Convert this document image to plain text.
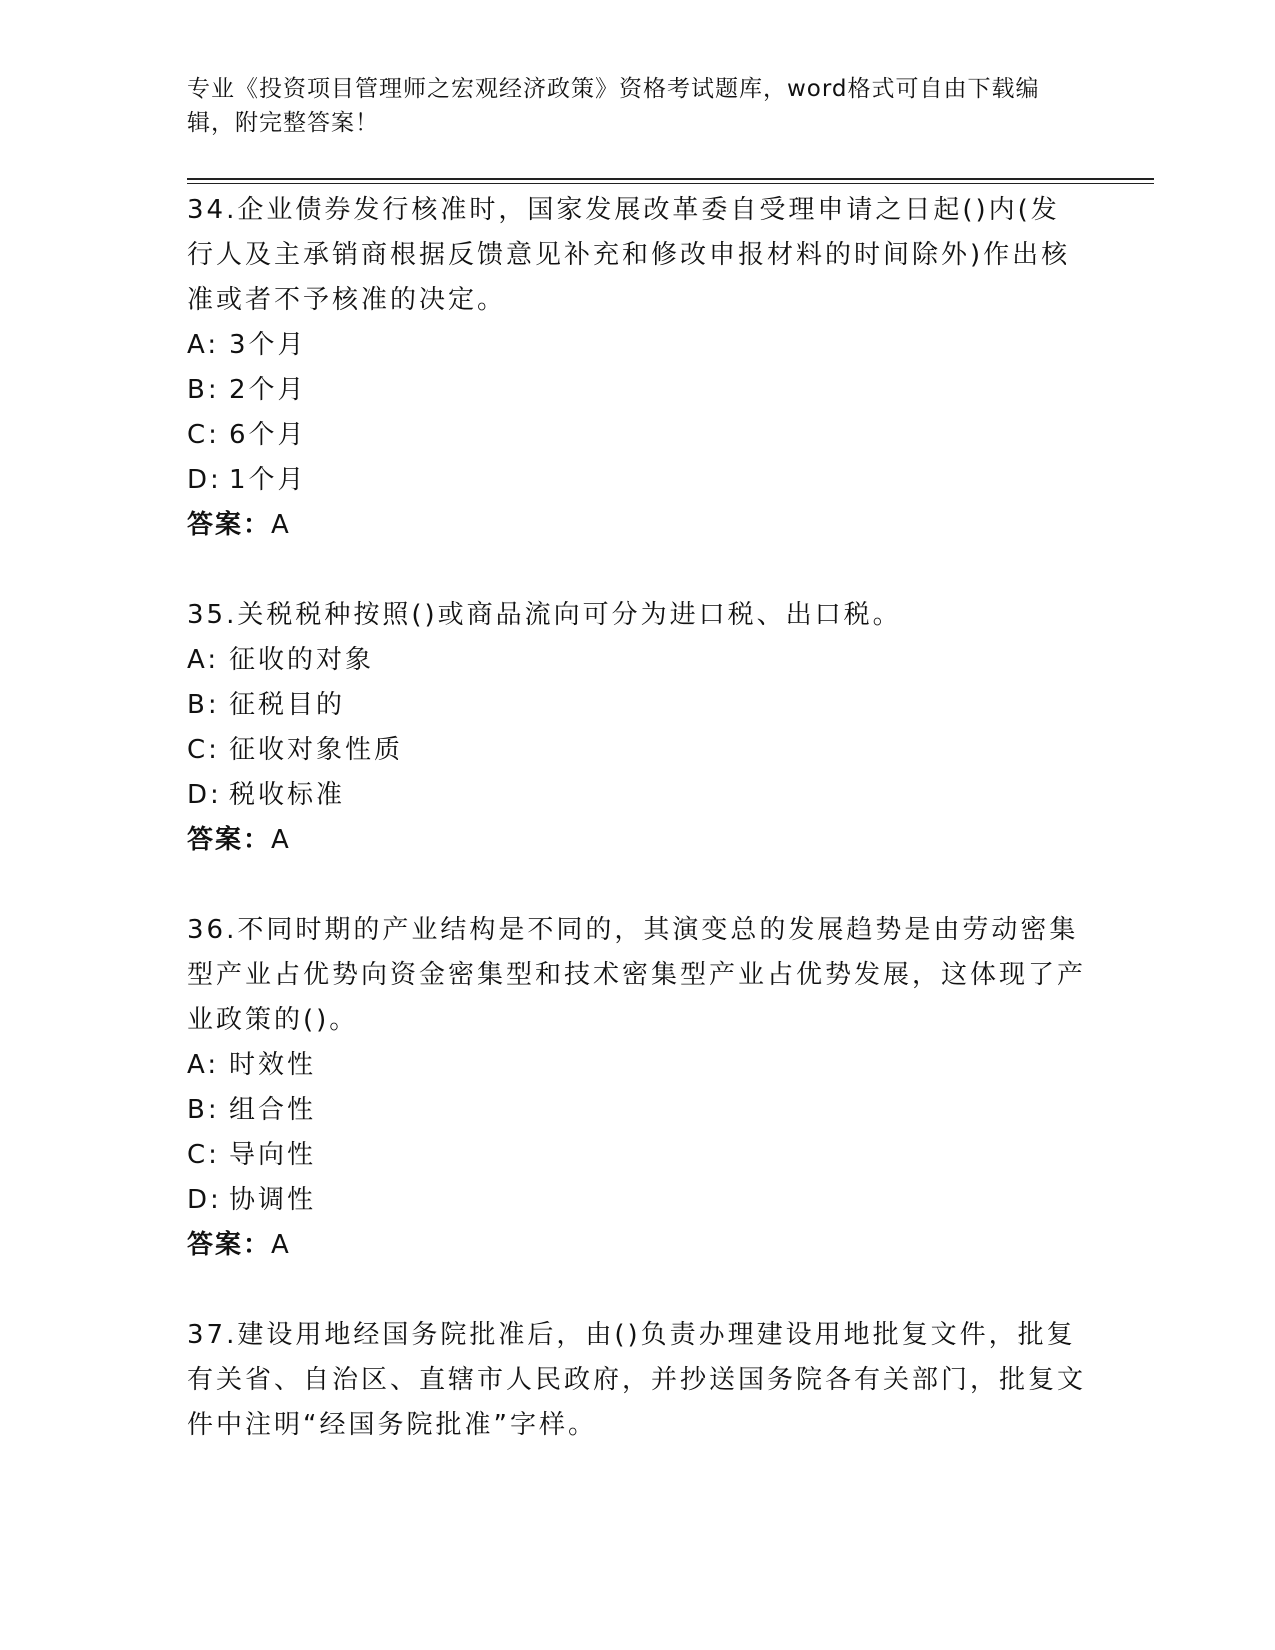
专业《投资项目管理师之宏观经济政策》资格考试题库，word格式可自由下载编辑，附完整答案！

34.企业债券发行核准时，国家发展改革委自受理申请之日起()内(发行人及主承销商根据反馈意见补充和修改申报材料的时间除外)作出核准或者不予核准的决定。

A: 3个月

B: 2个月

C: 6个月

D: 1个月

答案：A

35.关税税种按照()或商品流向可分为进口税、出口税。

A: 征收的对象

B: 征税目的

C: 征收对象性质

D: 税收标准

答案：A

36.不同时期的产业结构是不同的，其演变总的发展趋势是由劳动密集型产业占优势向资金密集型和技术密集型产业占优势发展，这体现了产业政策的()。

A: 时效性

B: 组合性

C: 导向性

D: 协调性

答案：A

37.建设用地经国务院批准后，由()负责办理建设用地批复文件，批复有关省、自治区、直辖市人民政府，并抄送国务院各有关部门，批复文件中注明“经国务院批准”字样。
